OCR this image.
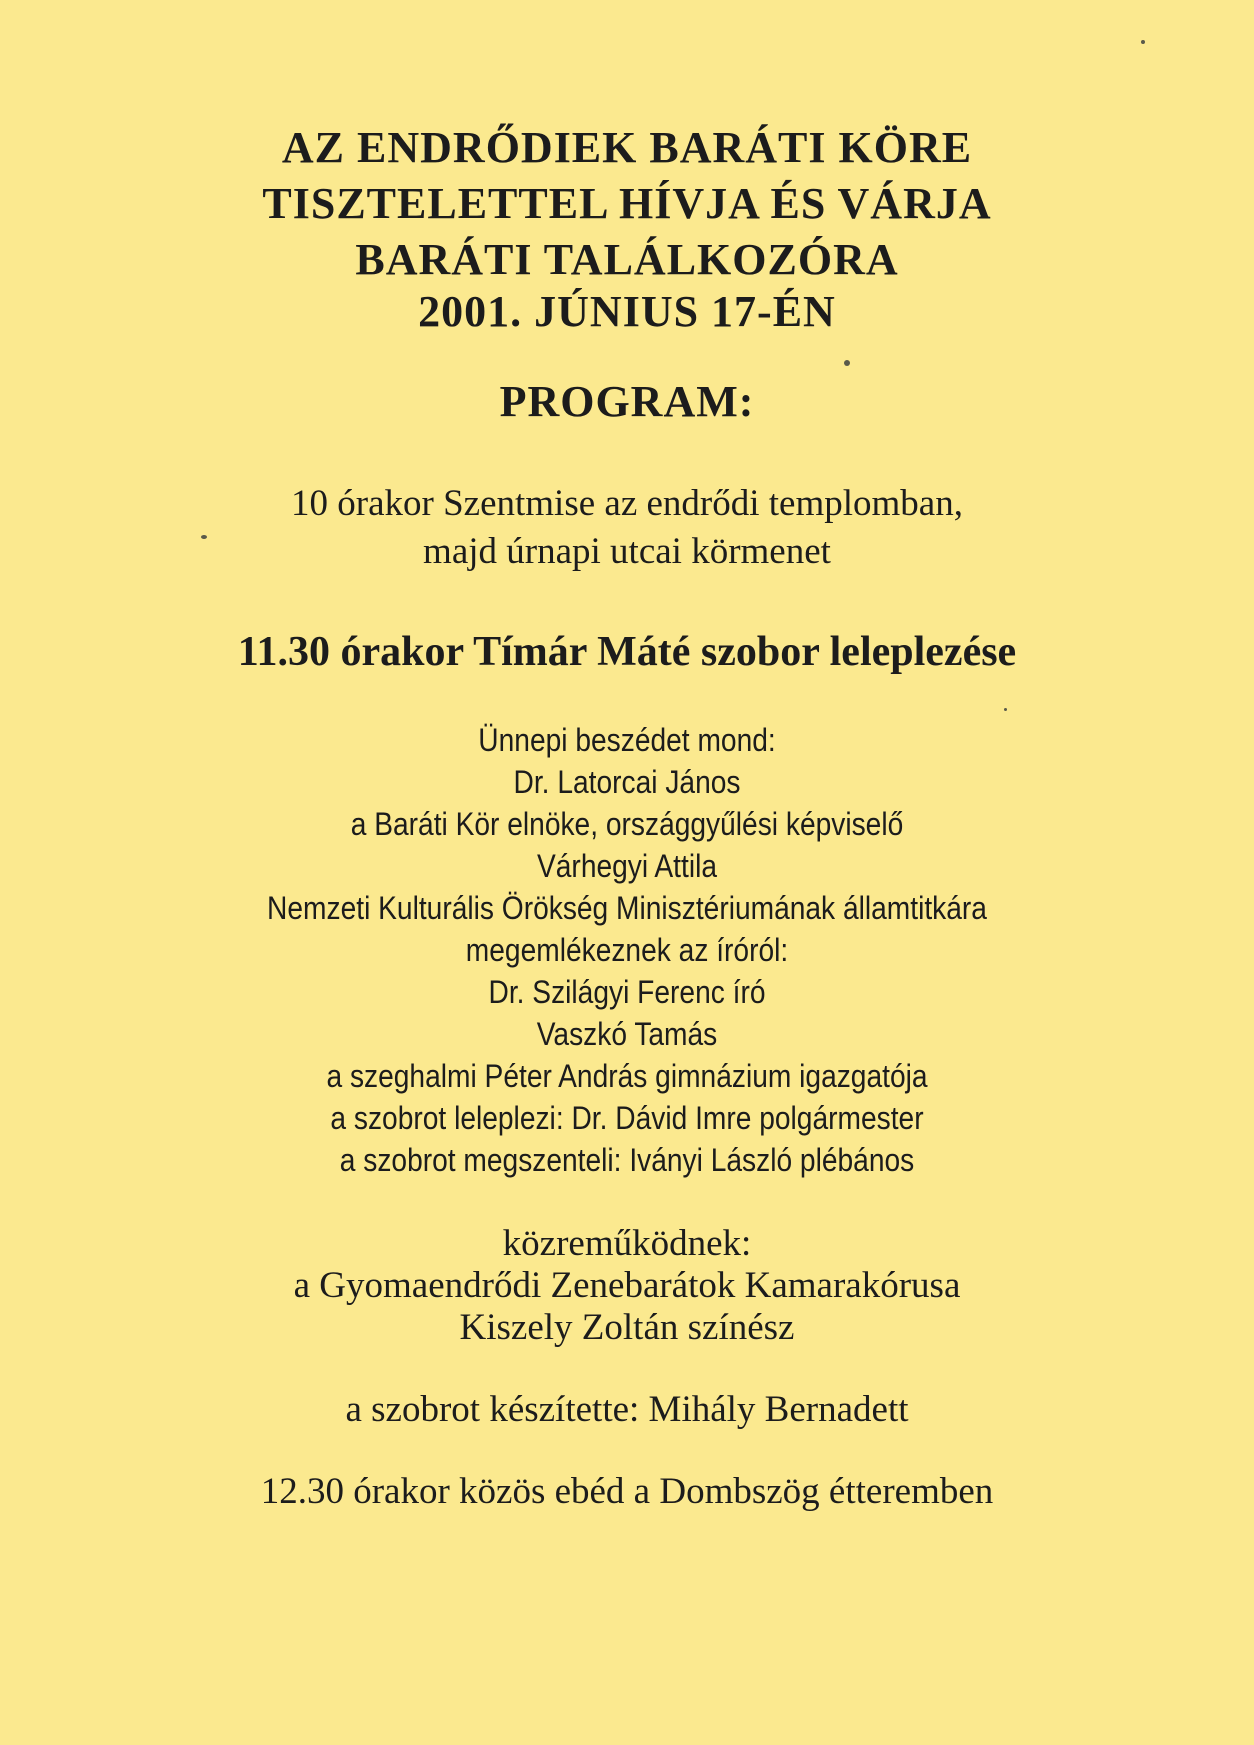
AZ ENDRŐDIEK BARÁTI KÖRE
TISZTELETTEL HÍVJA ÉS VÁRJA
BARÁTI TALÁLKOZÓRA
2001. JÚNIUS 17-ÉN
PROGRAM:
10 órakor Szentmise az endrődi templomban,
majd úrnapi utcai körmenet
11.30 órakor Tímár Máté szobor leleplezése
Ünnepi beszédet mond:
Dr. Latorcai János
a Baráti Kör elnöke, országgyűlési képviselő
Várhegyi Attila
Nemzeti Kulturális Örökség Minisztériumának államtitkára
megemlékeznek az íróról:
Dr. Szilágyi Ferenc író
Vaszkó Tamás
a szeghalmi Péter András gimnázium igazgatója
a szobrot leleplezi: Dr. Dávid Imre polgármester
a szobrot megszenteli: Iványi László plébános
közreműködnek:
a Gyomaendrődi Zenebarátok Kamarakórusa
Kiszely Zoltán színész
a szobrot készítette: Mihály Bernadett
12.30 órakor közös ebéd a Dombszög étteremben
